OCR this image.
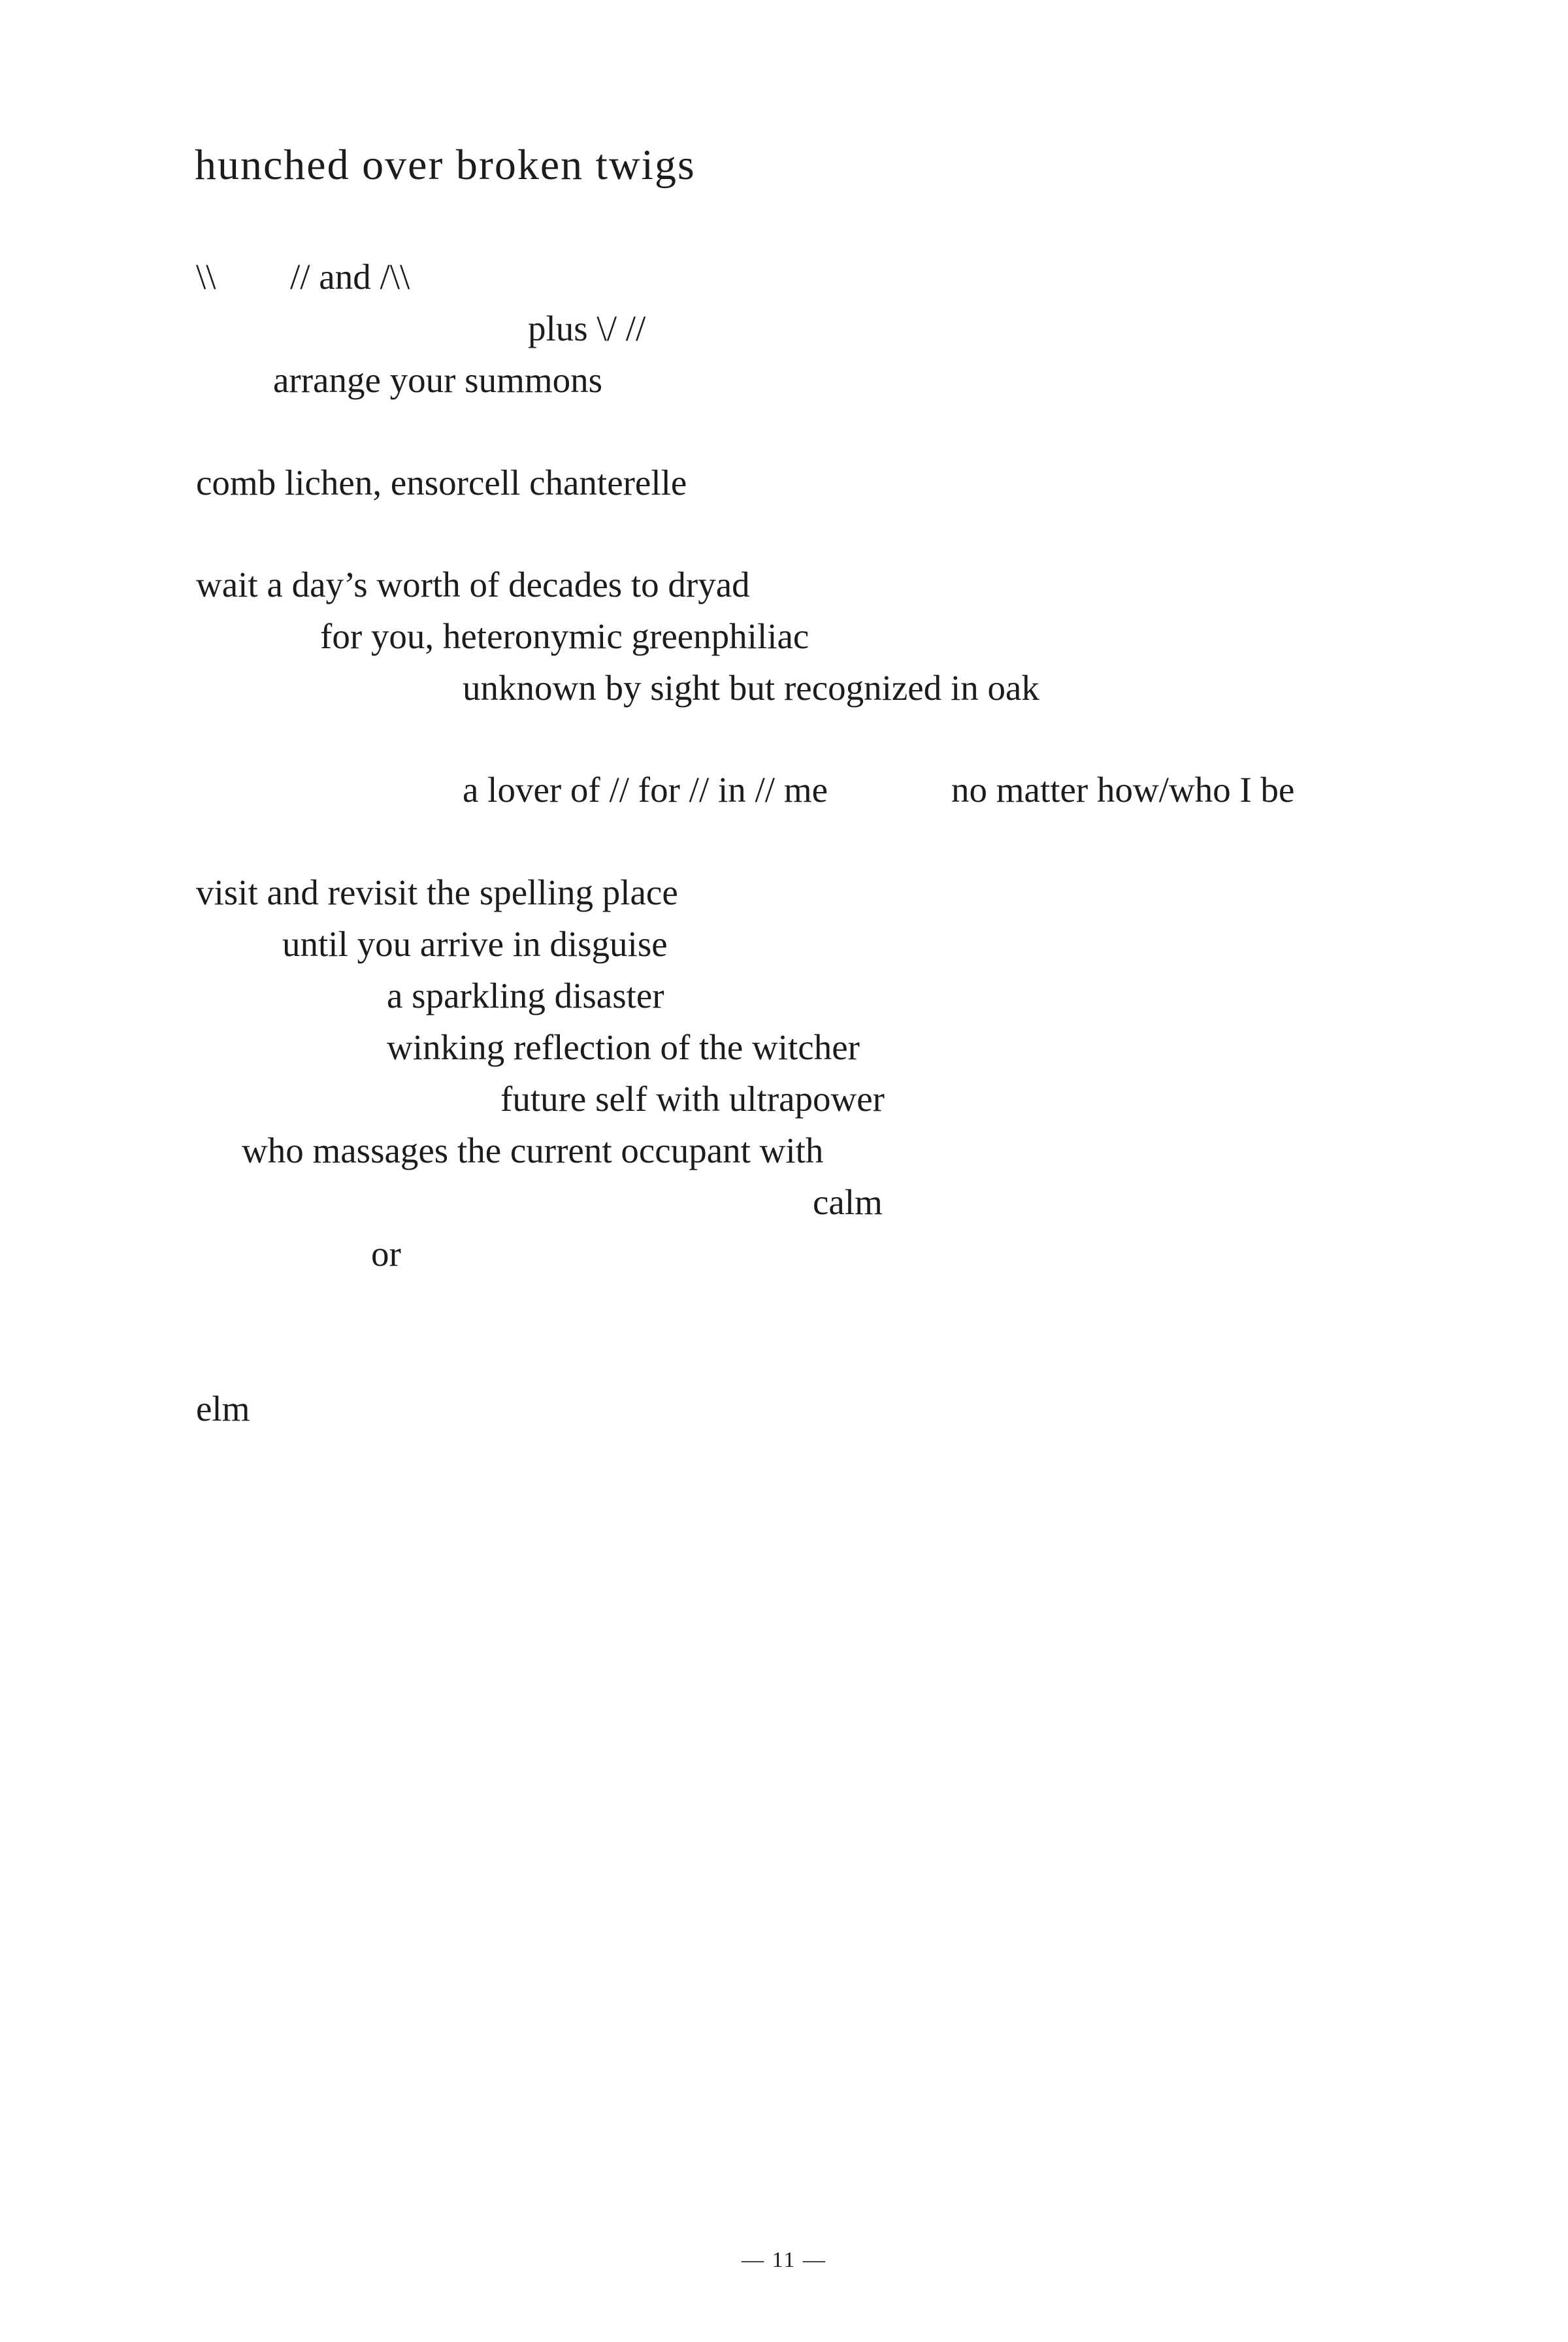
hunched over broken twigs
\\ // and /\\
plus \/ //
arrange your summons
comb lichen, ensorcell chanterelle
wait a day’s worth of decades to dryad
for you, heteronymic greenphiliac
unknown by sight but recognized in oak
a lover of // for // in // me	no matter how/who I be
visit and revisit the spelling place
until you arrive in disguise
a sparkling disaster
winking reflection of the witcher
future self with ultrapower
who massages the current occupant with
calm
or
elm
— 11 —
